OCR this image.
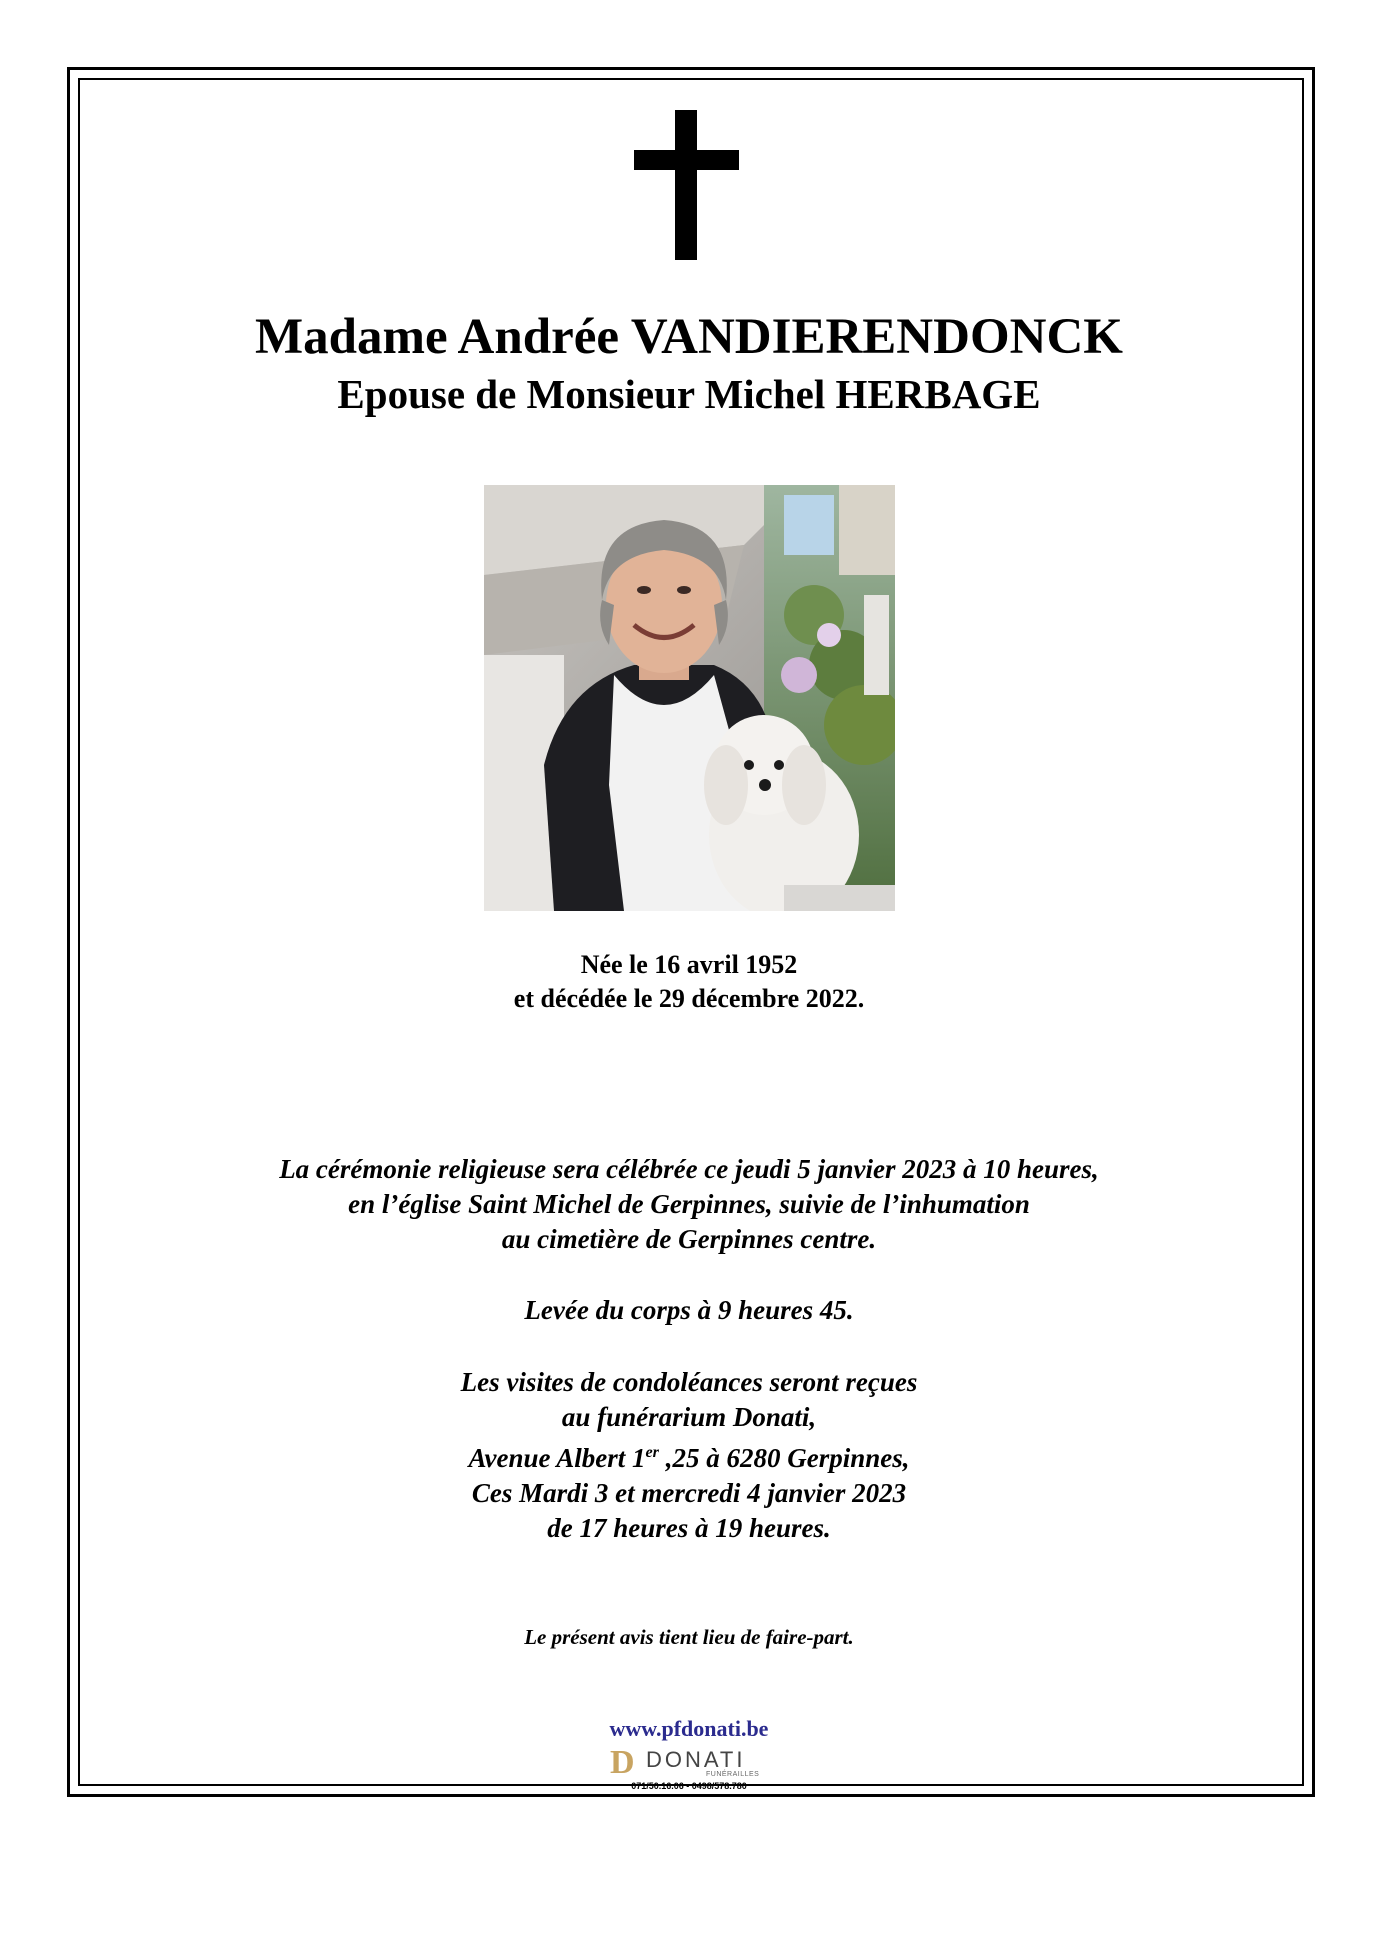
Madame Andrée VANDIERENDONCK
Epouse de Monsieur Michel HERBAGE
Née le 16 avril 1952
et décédée le 29 décembre 2022.
La cérémonie religieuse sera célébrée ce jeudi 5 janvier 2023 à 10 heures,
en l’église Saint Michel de Gerpinnes, suivie de l’inhumation
au cimetière de Gerpinnes centre.
Levée du corps à 9 heures 45.
Les visites de condoléances seront reçues
au funérarium Donati,
Avenue Albert 1er ,25 à 6280 Gerpinnes,
Ces Mardi 3 et mercredi 4 janvier 2023
de 17 heures à 19 heures.
Le présent avis tient lieu de faire-part.
www.pfdonati.be
D DONATI
FUNÉRAILLES
071/50.16.06 - 0498/578.780
